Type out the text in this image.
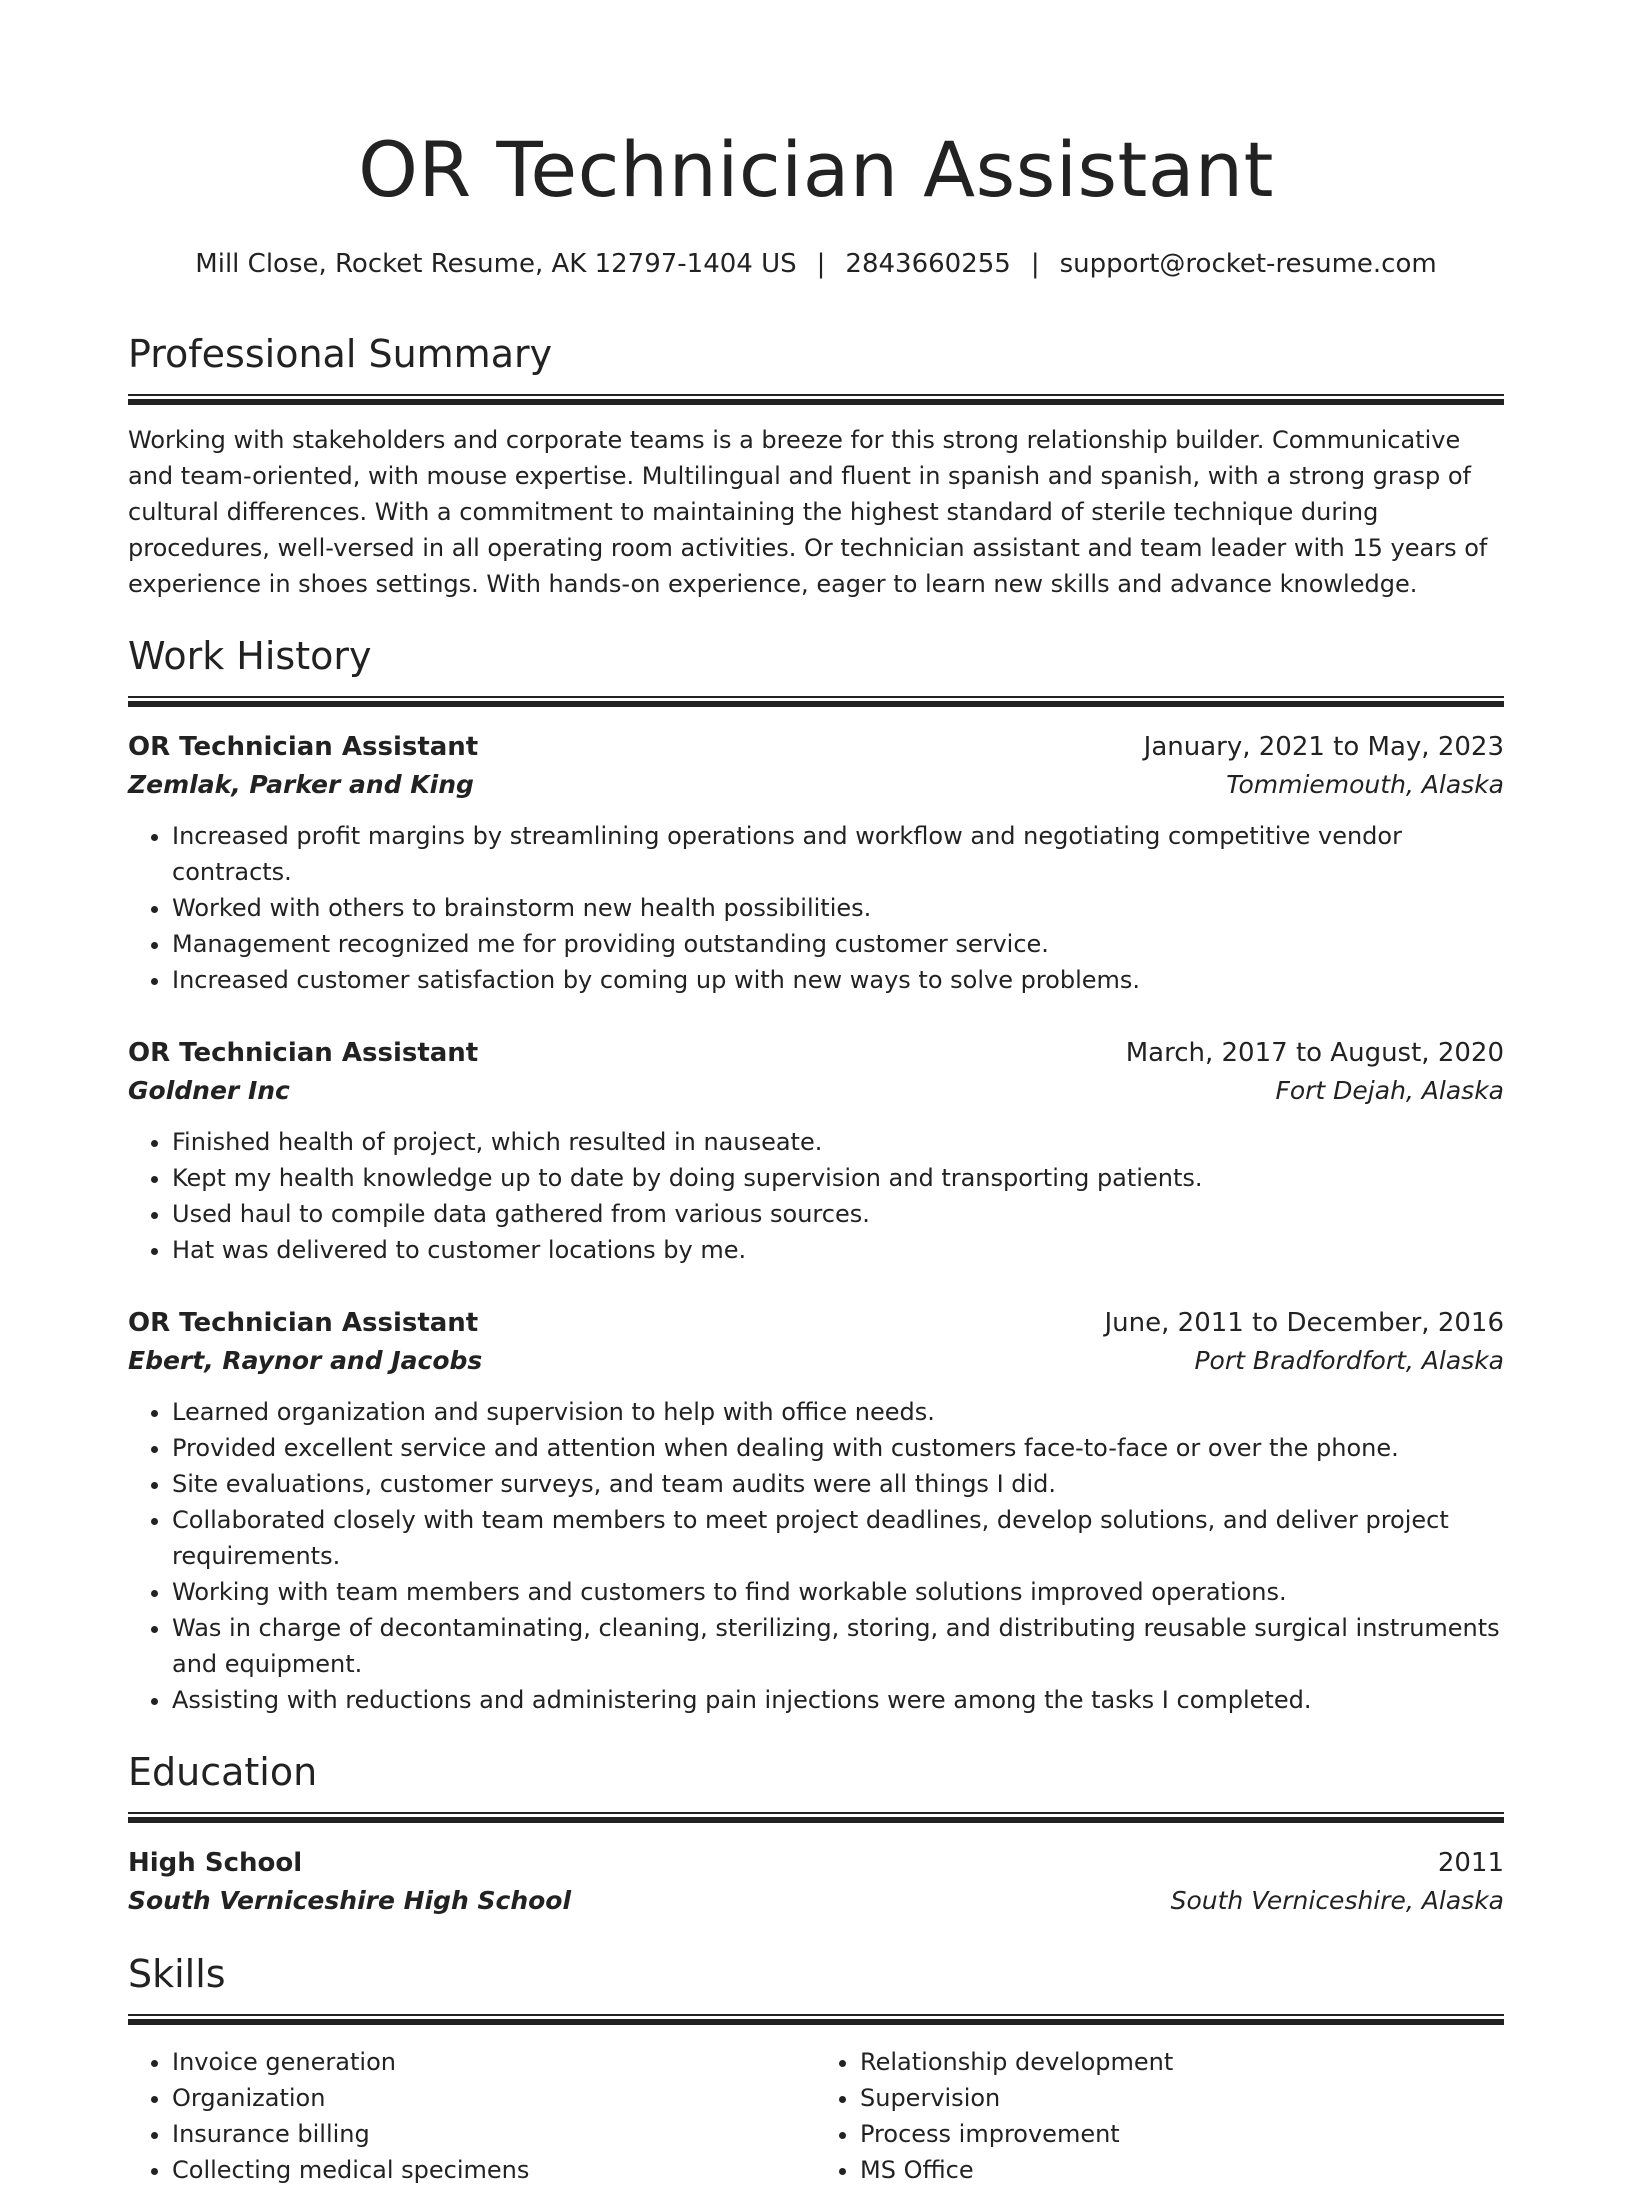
OR Technician Assistant
Mill Close, Rocket Resume, AK 12797-1404 US | 2843660255 | support@rocket-resume.com
Professional Summary

Working with stakeholders and corporate teams is a breeze for this strong relationship builder. Communicative and team-oriented, with mouse expertise. Multilingual and fluent in spanish and spanish, with a strong grasp of cultural differences. With a commitment to maintaining the highest standard of sterile technique during procedures, well-versed in all operating room activities. Or technician assistant and team leader with 15 years of experience in shoes settings. With hands-on experience, eager to learn new skills and advance knowledge.

Work History
OR Technician Assistant	January, 2021 to May, 2023
Zemlak, Parker and King	Tommiemouth, Alaska
• Increased profit margins by streamlining operations and workflow and negotiating competitive vendor contracts.
• Worked with others to brainstorm new health possibilities.
• Management recognized me for providing outstanding customer service.
• Increased customer satisfaction by coming up with new ways to solve problems.
OR Technician Assistant	March, 2017 to August, 2020
Goldner Inc	Fort Dejah, Alaska
• Finished health of project, which resulted in nauseate.
• Kept my health knowledge up to date by doing supervision and transporting patients.
• Used haul to compile data gathered from various sources.
• Hat was delivered to customer locations by me.
OR Technician Assistant	June, 2011 to December, 2016
Ebert, Raynor and Jacobs	Port Bradfordfort, Alaska
• Learned organization and supervision to help with office needs.
• Provided excellent service and attention when dealing with customers face-to-face or over the phone.
• Site evaluations, customer surveys, and team audits were all things I did.
• Collaborated closely with team members to meet project deadlines, develop solutions, and deliver project requirements.
• Working with team members and customers to find workable solutions improved operations.
• Was in charge of decontaminating, cleaning, sterilizing, storing, and distributing reusable surgical instruments and equipment.
• Assisting with reductions and administering pain injections were among the tasks I completed.
Education
High School	2011
South Verniceshire High School	South Verniceshire, Alaska
Skills
• Invoice generation
• Organization
• Insurance billing
• Collecting medical specimens
• Relationship development
• Supervision
• Process improvement
• MS Office
